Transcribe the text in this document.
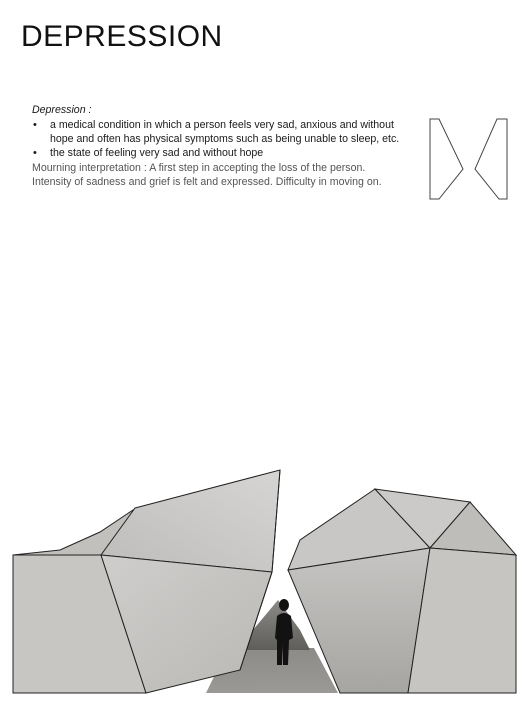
DEPRESSION
Depression :
• a medical condition in which a person feels very sad, anxious and without hope and often has physical symptoms such as being unable to sleep, etc.
• the state of feeling very sad and without hope
Mourning interpretation : A first step in accepting the loss of the person.
Intensity of sadness and grief is felt and expressed. Difficulty in moving on.
